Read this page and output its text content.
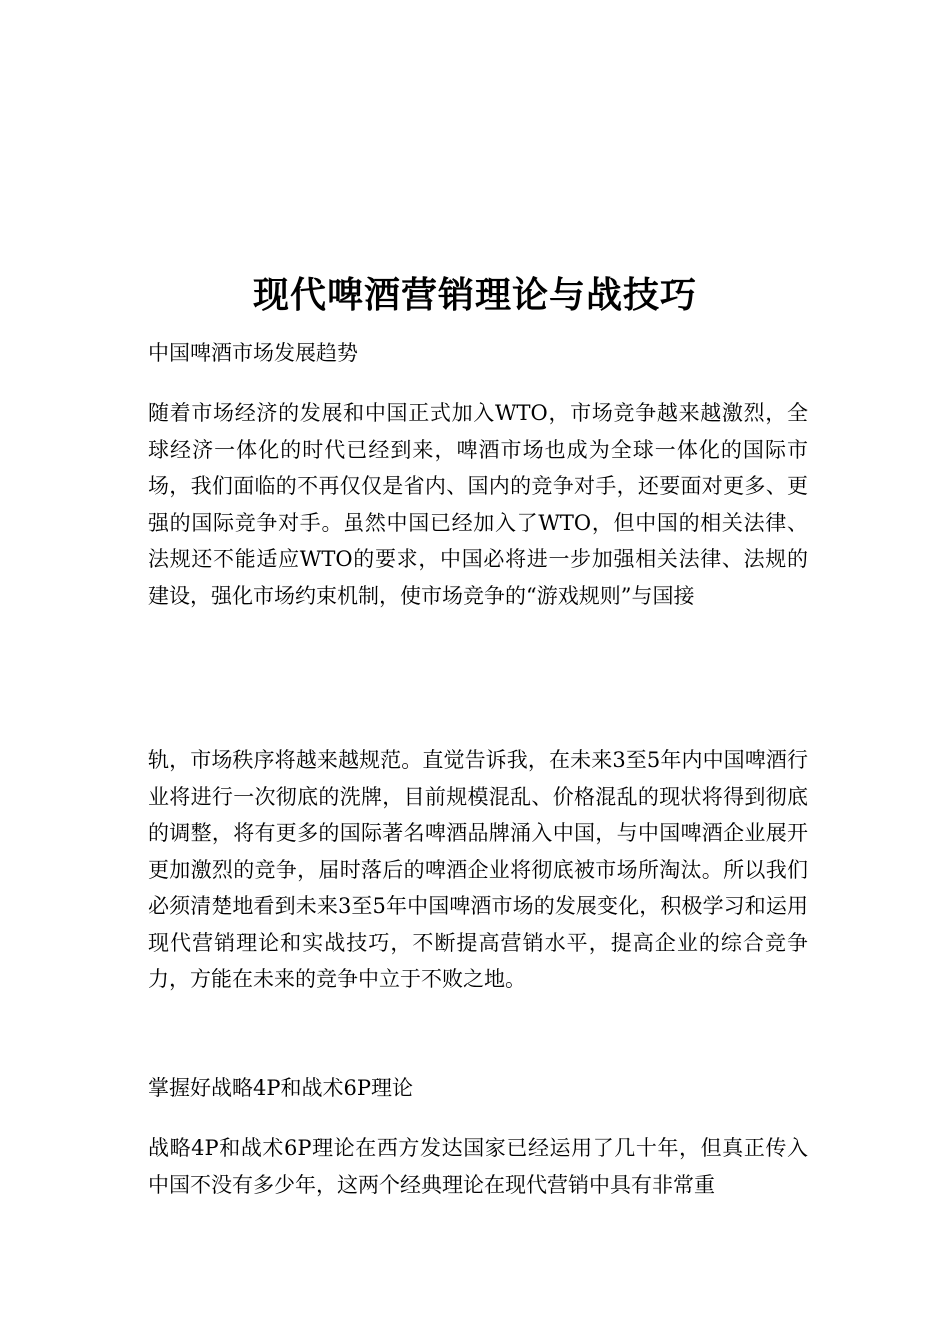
现代啤酒营销理论与战技巧

中国啤酒市场发展趋势

随着市场经济的发展和中国正式加入WTO，市场竞争越来越激烈，全球经济一体化的时代已经到来，啤酒市场也成为全球一体化的国际市场，我们面临的不再仅仅是省内、国内的竞争对手，还要面对更多、更强的国际竞争对手。虽然中国已经加入了WTO，但中国的相关法律、法规还不能适应WTO的要求，中国必将进一步加强相关法律、法规的建设，强化市场约束机制，使市场竞争的“游戏规则”与国接

轨，市场秩序将越来越规范。直觉告诉我，在未来3至5年内中国啤酒行业将进行一次彻底的洗牌，目前规模混乱、价格混乱的现状将得到彻底的调整，将有更多的国际著名啤酒品牌涌入中国，与中国啤酒企业展开更加激烈的竞争，届时落后的啤酒企业将彻底被市场所淘汰。所以我们必须清楚地看到未来3至5年中国啤酒市场的发展变化，积极学习和运用现代营销理论和实战技巧，不断提高营销水平，提高企业的综合竞争力，方能在未来的竞争中立于不败之地。

掌握好战略4P和战术6P理论

战略4P和战术6P理论在西方发达国家已经运用了几十年，但真正传入中国不没有多少年，这两个经典理论在现代营销中具有非常重
